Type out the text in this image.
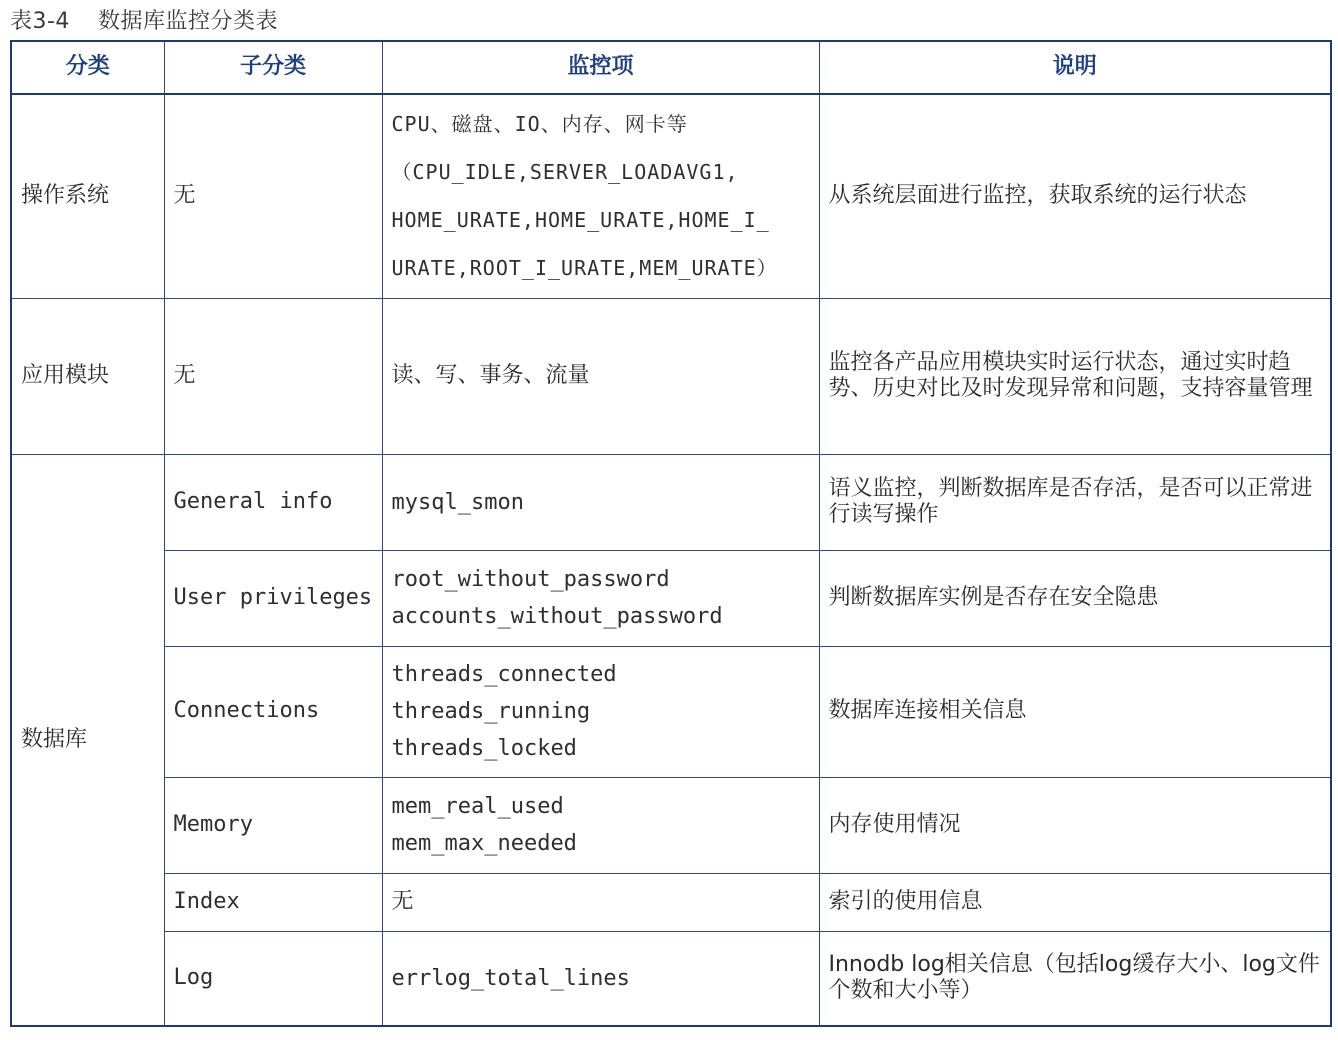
表3-4 数据库监控分类表
分类	子分类	监控项	说明
操作系统	无	CPU、磁盘、IO、内存、网卡等
（CPU_IDLE,SERVER_LOADAVG1,
HOME_URATE,HOME_URATE,HOME_I_
URATE,ROOT_I_URATE,MEM_URATE）	从系统层面进行监控，获取系统的运行状态
应用模块	无	读、写、事务、流量	监控各产品应用模块实时运行状态，通过实时趋势、历史对比及时发现异常和问题，支持容量管理
数据库	General info	mysql_smon	语义监控，判断数据库是否存活，是否可以正常进行读写操作
	User privileges	root_without_password
accounts_without_password	判断数据库实例是否存在安全隐患
	Connections	threads_connected
threads_running
threads_locked	数据库连接相关信息
	Memory	mem_real_used
mem_max_needed	内存使用情况
	Index	无	索引的使用信息
	Log	errlog_total_lines	Innodb log相关信息（包括log缓存大小、log文件个数和大小等）
